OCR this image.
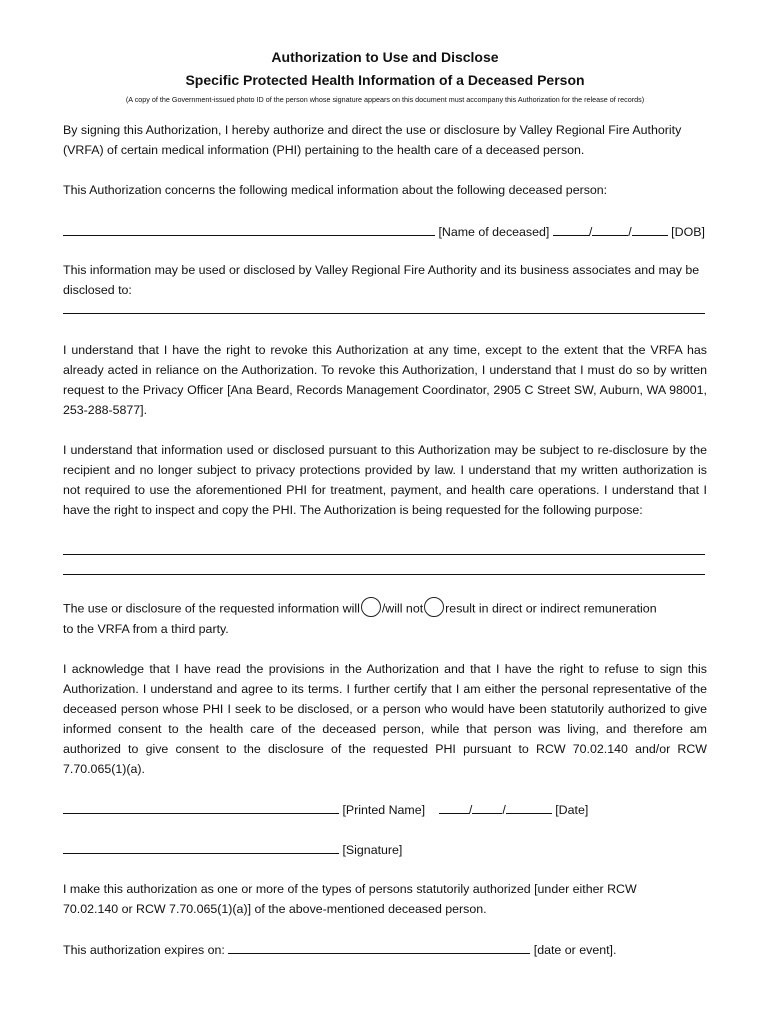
Authorization to Use and Disclose
Specific Protected Health Information of a Deceased Person
(A copy of the Government-issued photo ID of the person whose signature appears on this document must accompany this Authorization for the release of records)
By signing this Authorization, I hereby authorize and direct the use or disclosure by Valley Regional Fire Authority (VRFA) of certain medical information (PHI) pertaining to the health care of a deceased person.
This Authorization concerns the following medical information about the following deceased person:
[Name of deceased]	/	/	[DOB]
This information may be used or disclosed by Valley Regional Fire Authority and its business associates and may be disclosed to:
I understand that I have the right to revoke this Authorization at any time, except to the extent that the VRFA has already acted in reliance on the Authorization. To revoke this Authorization, I understand that I must do so by written request to the Privacy Officer [Ana Beard, Records Management Coordinator, 2905 C Street SW, Auburn, WA 98001, 253-288-5877].
I understand that information used or disclosed pursuant to this Authorization may be subject to re-disclosure by the recipient and no longer subject to privacy protections provided by law. I understand that my written authorization is not required to use the aforementioned PHI for treatment, payment, and health care operations. I understand that I have the right to inspect and copy the PHI. The Authorization is being requested for the following purpose:
The use or disclosure of the requested information will /will not result in direct or indirect remuneration
to the VRFA from a third party.
I acknowledge that I have read the provisions in the Authorization and that I have the right to refuse to sign this Authorization. I understand and agree to its terms. I further certify that I am either the personal representative of the deceased person whose PHI I seek to be disclosed, or a person who would have been statutorily authorized to give informed consent to the health care of the deceased person, while that person was living, and therefore am authorized to give consent to the disclosure of the requested PHI pursuant to RCW 70.02.140 and/or RCW 7.70.065(1)(a).
[Printed Name]	/ /	[Date]
[Signature]
I make this authorization as one or more of the types of persons statutorily authorized [under either RCW 70.02.140 or RCW 7.70.065(1)(a)] of the above-mentioned deceased person.
This authorization expires on:	[date or event].
